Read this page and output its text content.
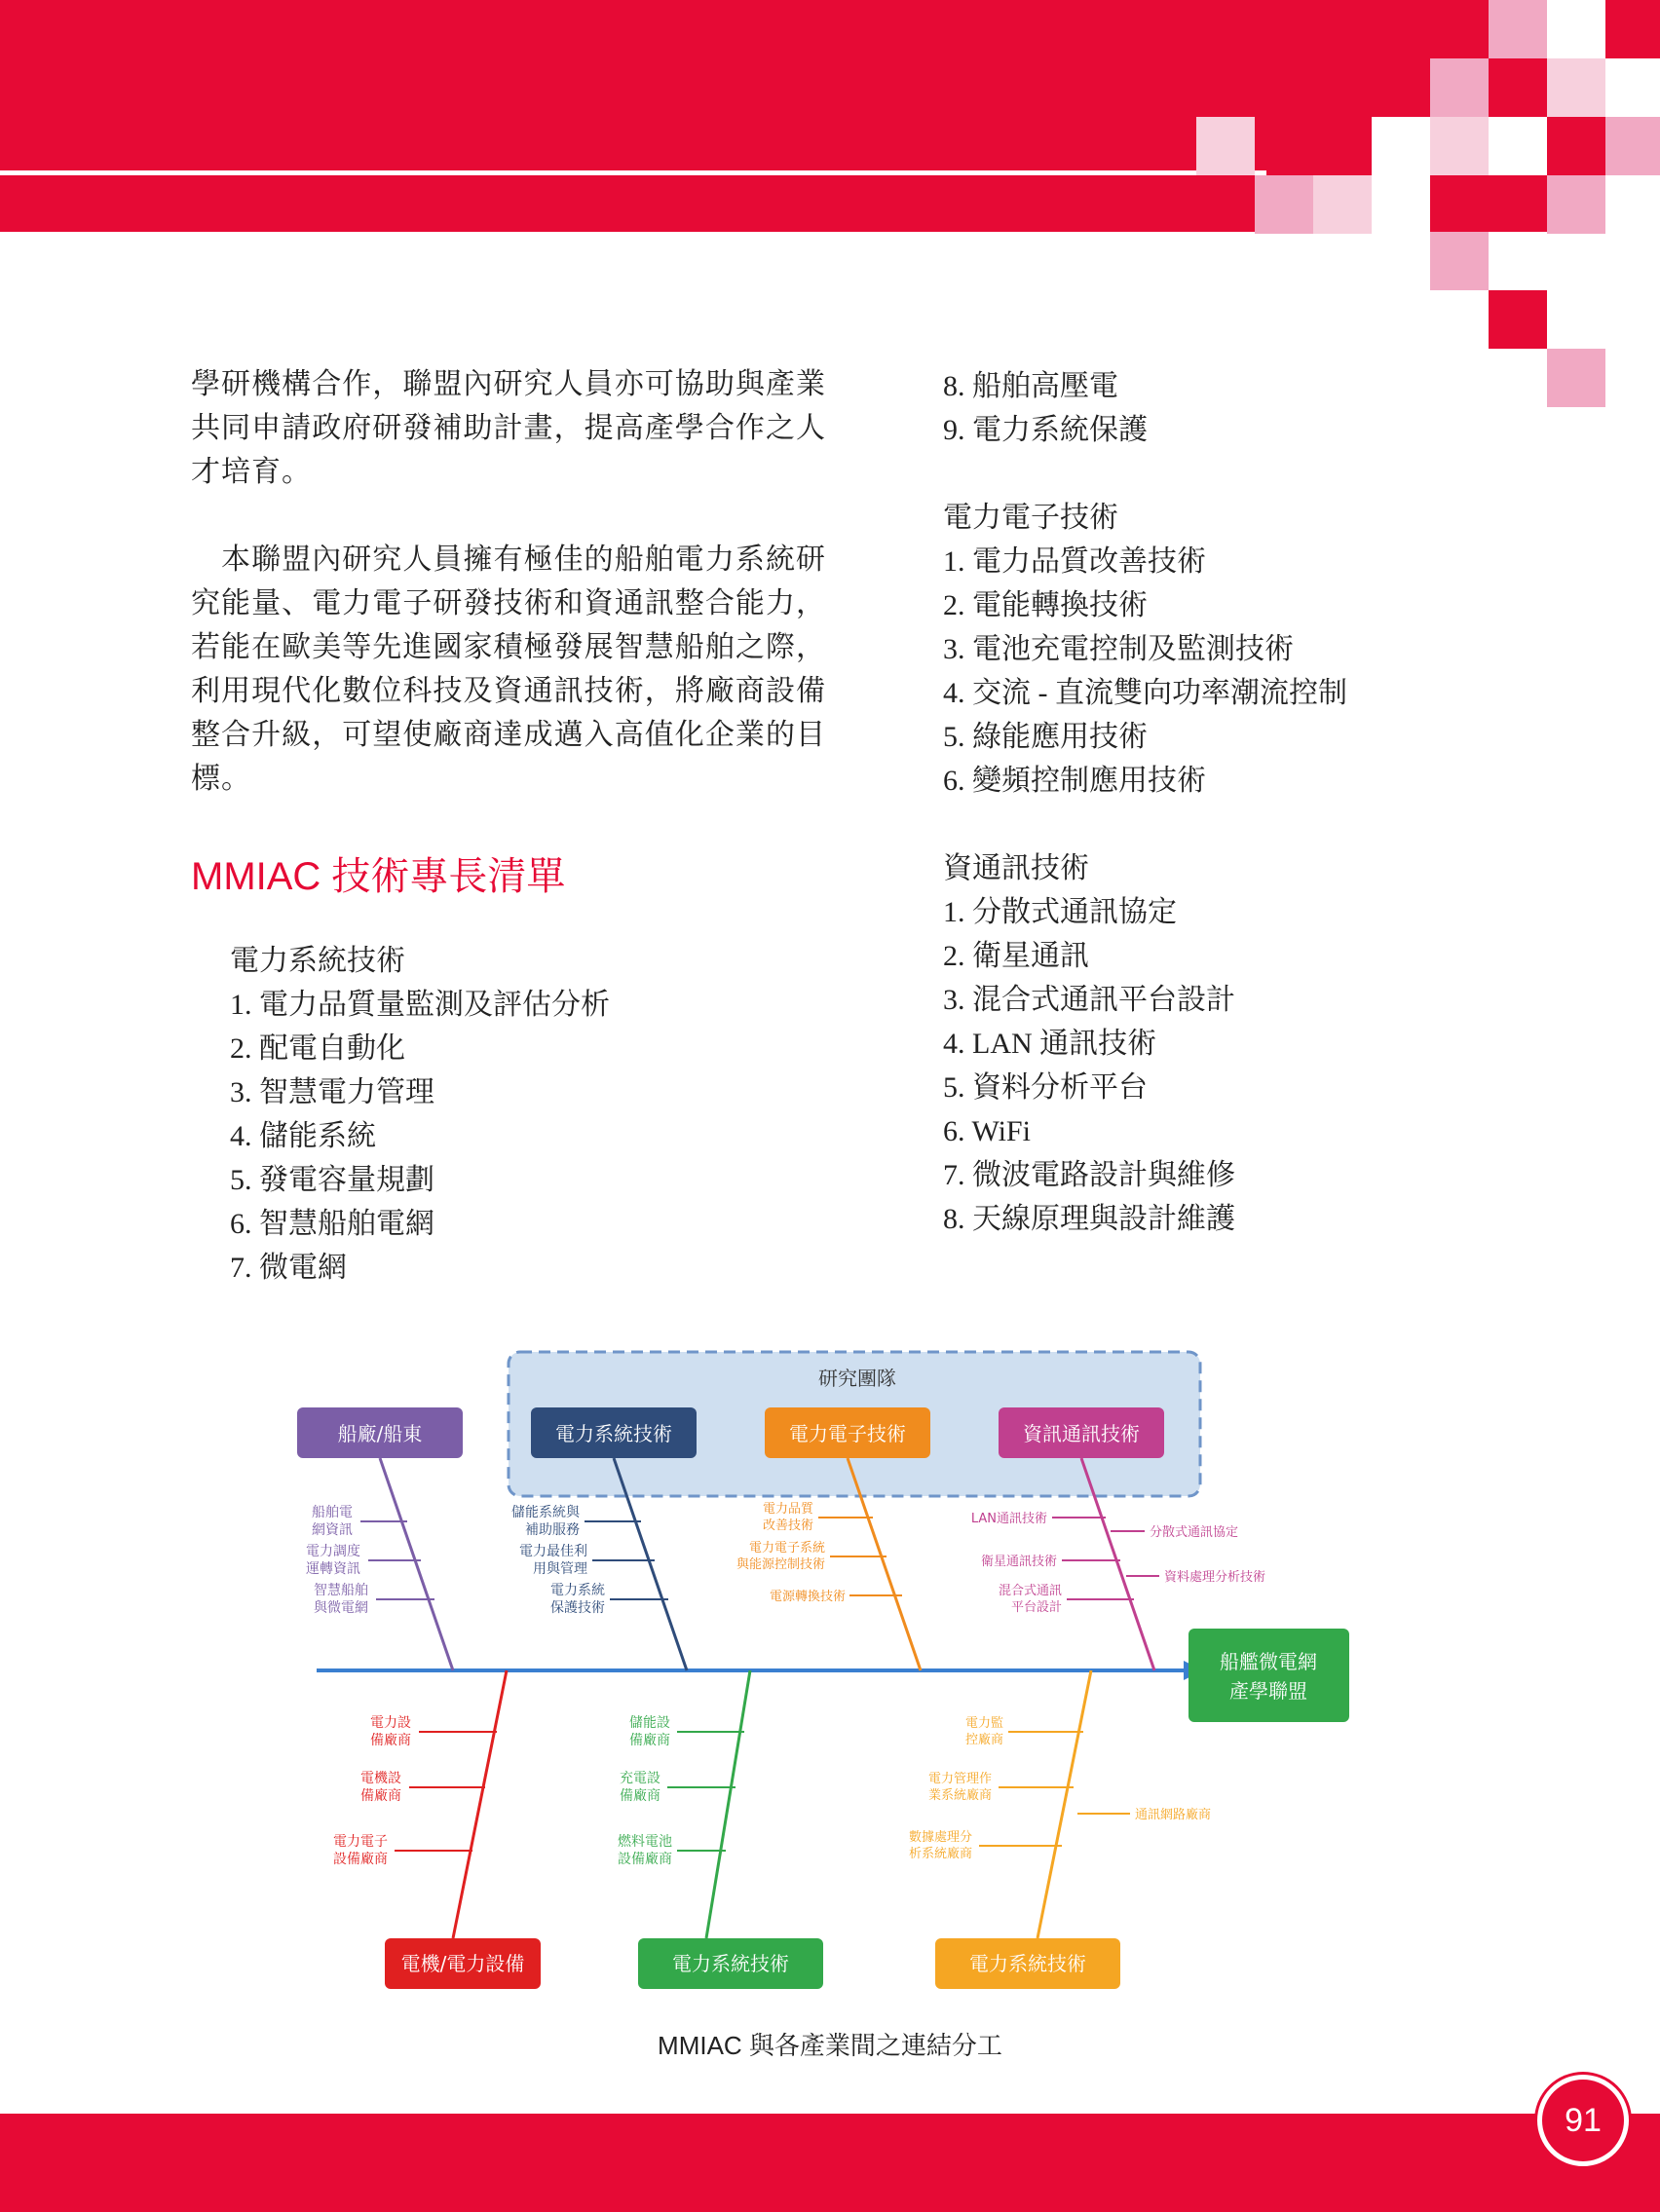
學研機構合作，聯盟內研究人員亦可協助與產業共同申請政府研發補助計畫，提高產學合作之人才培育。

　本聯盟內研究人員擁有極佳的船舶電力系統研究能量、電力電子研發技術和資通訊整合能力，若能在歐美等先進國家積極發展智慧船舶之際，利用現代化數位科技及資通訊技術，將廠商設備整合升級，可望使廠商達成邁入高值化企業的目標。

MMIAC 技術專長清單
電力系統技術
1. 電力品質量監測及評估分析
2. 配電自動化
3. 智慧電力管理
4. 儲能系統
5. 發電容量規劃
6. 智慧船舶電網
7. 微電網
8. 船舶高壓電
9. 電力系統保護
電力電子技術
1. 電力品質改善技術
2. 電能轉換技術
3. 電池充電控制及監測技術
4. 交流 - 直流雙向功率潮流控制
5. 綠能應用技術
6. 變頻控制應用技術
資通訊技術
1. 分散式通訊協定
2. 衛星通訊
3. 混合式通訊平台設計
4. LAN 通訊技術
5. 資料分析平台
6. WiFi
7. 微波電路設計與維修
8. 天線原理與設計維護
研究團隊
船廠/船東	電力系統技術	電力電子技術	資訊通訊技術
船艦微電網
產學聯盟
船舶電
網資訊
電力調度
運轉資訊
智慧船舶
與微電網
儲能系統與
補助服務
電力最佳利
用與管理
電力系統
保護技術
電力品質
改善技術
電力電子系統
與能源控制技術
電源轉換技術
LAN通訊技術
衛星通訊技術
混合式通訊
平台設計
分散式通訊協定
資料處理分析技術
電機/電力設備	電力系統技術	電力系統技術
電力設
備廠商
電機設
備廠商
電力電子
設備廠商
儲能設
備廠商
充電設
備廠商
燃料電池
設備廠商
電力監
控廠商
電力管理作
業系統廠商
數據處理分
析系統廠商
通訊網路廠商
MMIAC 與各產業間之連結分工
91
